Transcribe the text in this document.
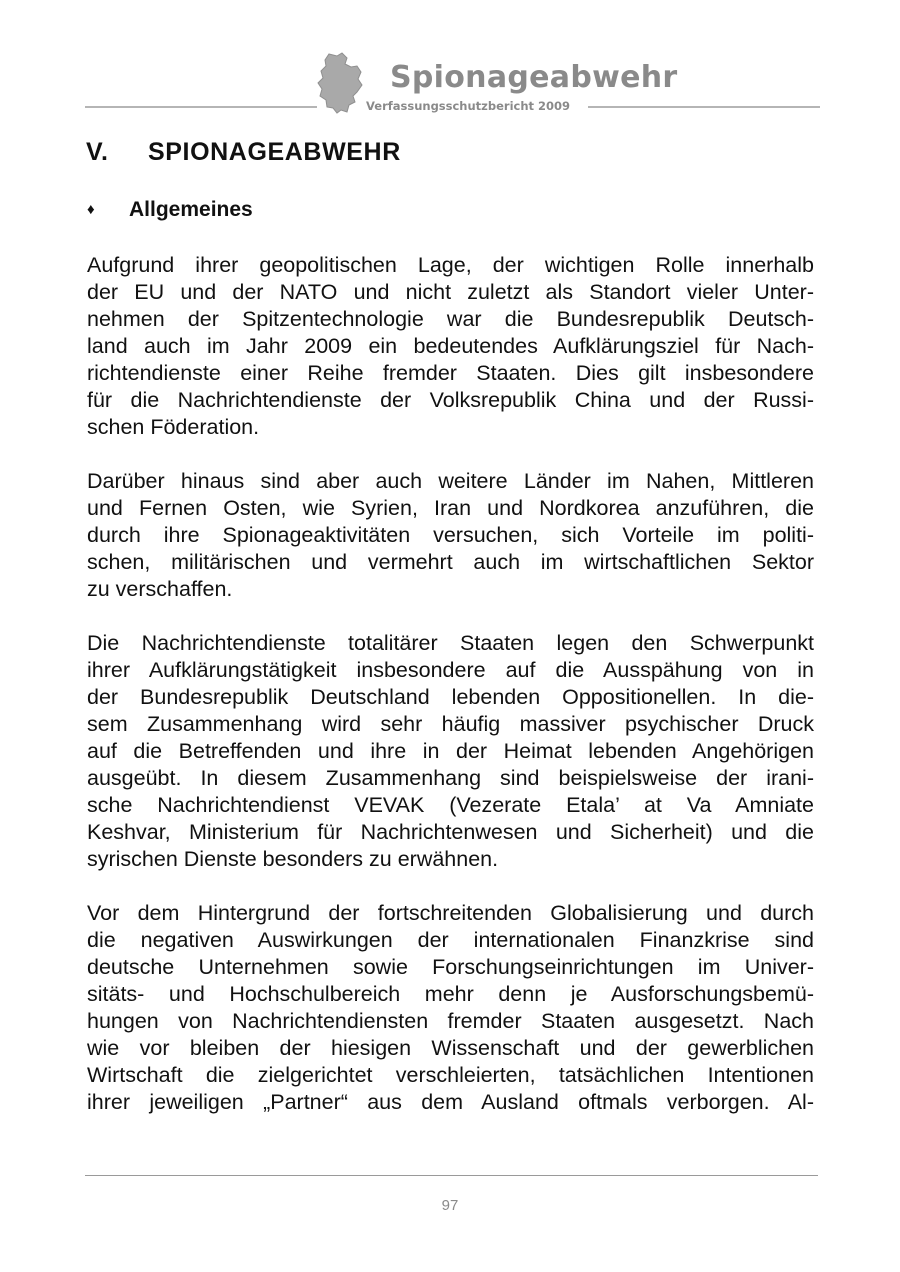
Spionageabwehr
Verfassungsschutzbericht 2009
V. SPIONAGEABWEHR
♦ Allgemeines

Aufgrund ihrer geopolitischen Lage, der wichtigen Rolle innerhalb
der EU und der NATO und nicht zuletzt als Standort vieler Unter-
nehmen der Spitzentechnologie war die Bundesrepublik Deutsch-
land auch im Jahr 2009 ein bedeutendes Aufklärungsziel für Nach-
richtendienste einer Reihe fremder Staaten. Dies gilt insbesondere
für die Nachrichtendienste der Volksrepublik China und der Russi-
schen Föderation.

Darüber hinaus sind aber auch weitere Länder im Nahen, Mittleren
und Fernen Osten, wie Syrien, Iran und Nordkorea anzuführen, die
durch ihre Spionageaktivitäten versuchen, sich Vorteile im politi-
schen, militärischen und vermehrt auch im wirtschaftlichen Sektor
zu verschaffen.

Die Nachrichtendienste totalitärer Staaten legen den Schwerpunkt
ihrer Aufklärungstätigkeit insbesondere auf die Ausspähung von in
der Bundesrepublik Deutschland lebenden Oppositionellen. In die-
sem Zusammenhang wird sehr häufig massiver psychischer Druck
auf die Betreffenden und ihre in der Heimat lebenden Angehörigen
ausgeübt. In diesem Zusammenhang sind beispielsweise der irani-
sche Nachrichtendienst VEVAK (Vezerate Etala’ at Va Amniate
Keshvar, Ministerium für Nachrichtenwesen und Sicherheit) und die
syrischen Dienste besonders zu erwähnen.

Vor dem Hintergrund der fortschreitenden Globalisierung und durch
die negativen Auswirkungen der internationalen Finanzkrise sind
deutsche Unternehmen sowie Forschungseinrichtungen im Univer-
sitäts- und Hochschulbereich mehr denn je Ausforschungsbemü-
hungen von Nachrichtendiensten fremder Staaten ausgesetzt. Nach
wie vor bleiben der hiesigen Wissenschaft und der gewerblichen
Wirtschaft die zielgerichtet verschleierten, tatsächlichen Intentionen
ihrer jeweiligen „Partner“ aus dem Ausland oftmals verborgen. Al-

97
